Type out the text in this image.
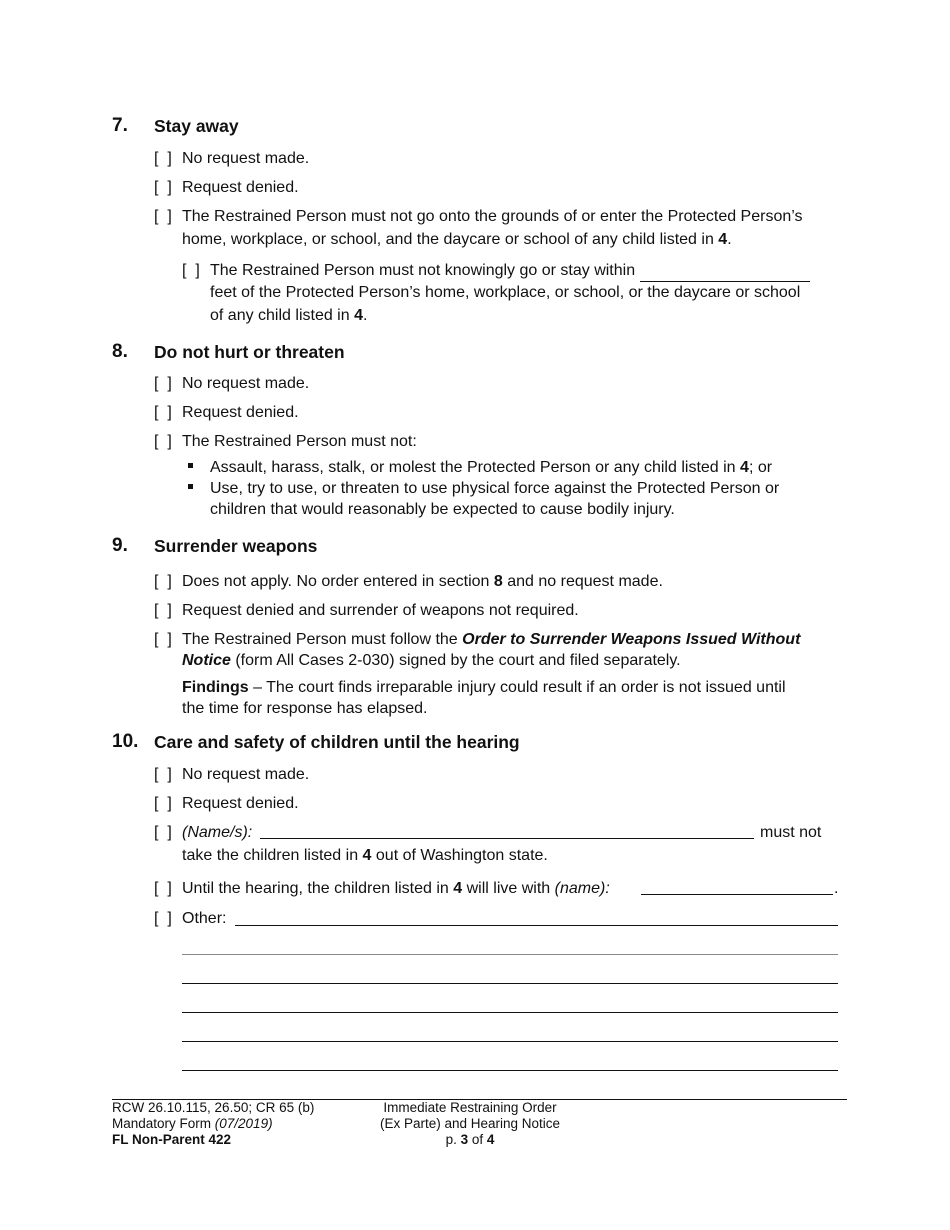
7. Stay away
[  ] No request made.
[  ] Request denied.
[  ] The Restrained Person must not go onto the grounds of or enter the Protected Person’s
home, workplace, or school, and the daycare or school of any child listed in 4.
[  ] The Restrained Person must not knowingly go or stay within
feet of the Protected Person’s home, workplace, or school, or the daycare or school
of any child listed in 4.
8. Do not hurt or threaten
[  ] No request made.
[  ] Request denied.
[  ] The Restrained Person must not:
Assault, harass, stalk, or molest the Protected Person or any child listed in 4; or
Use, try to use, or threaten to use physical force against the Protected Person or
children that would reasonably be expected to cause bodily injury.
9. Surrender weapons
[  ] Does not apply. No order entered in section 8 and no request made.
[  ] Request denied and surrender of weapons not required.
[  ] The Restrained Person must follow the Order to Surrender Weapons Issued Without
Notice (form All Cases 2-030) signed by the court and filed separately.
Findings – The court finds irreparable injury could result if an order is not issued until
the time for response has elapsed.
10. Care and safety of children until the hearing
[  ] No request made.
[  ] Request denied.
[  ] (Name/s):	must not
take the children listed in 4 out of Washington state.
[  ] Until the hearing, the children listed in 4 will live with (name):	.
[  ] Other:
RCW 26.10.115, 26.50; CR 65 (b)
Mandatory Form (07/2019)
FL Non-Parent 422
Immediate Restraining Order
(Ex Parte) and Hearing Notice
p. 3 of 4
